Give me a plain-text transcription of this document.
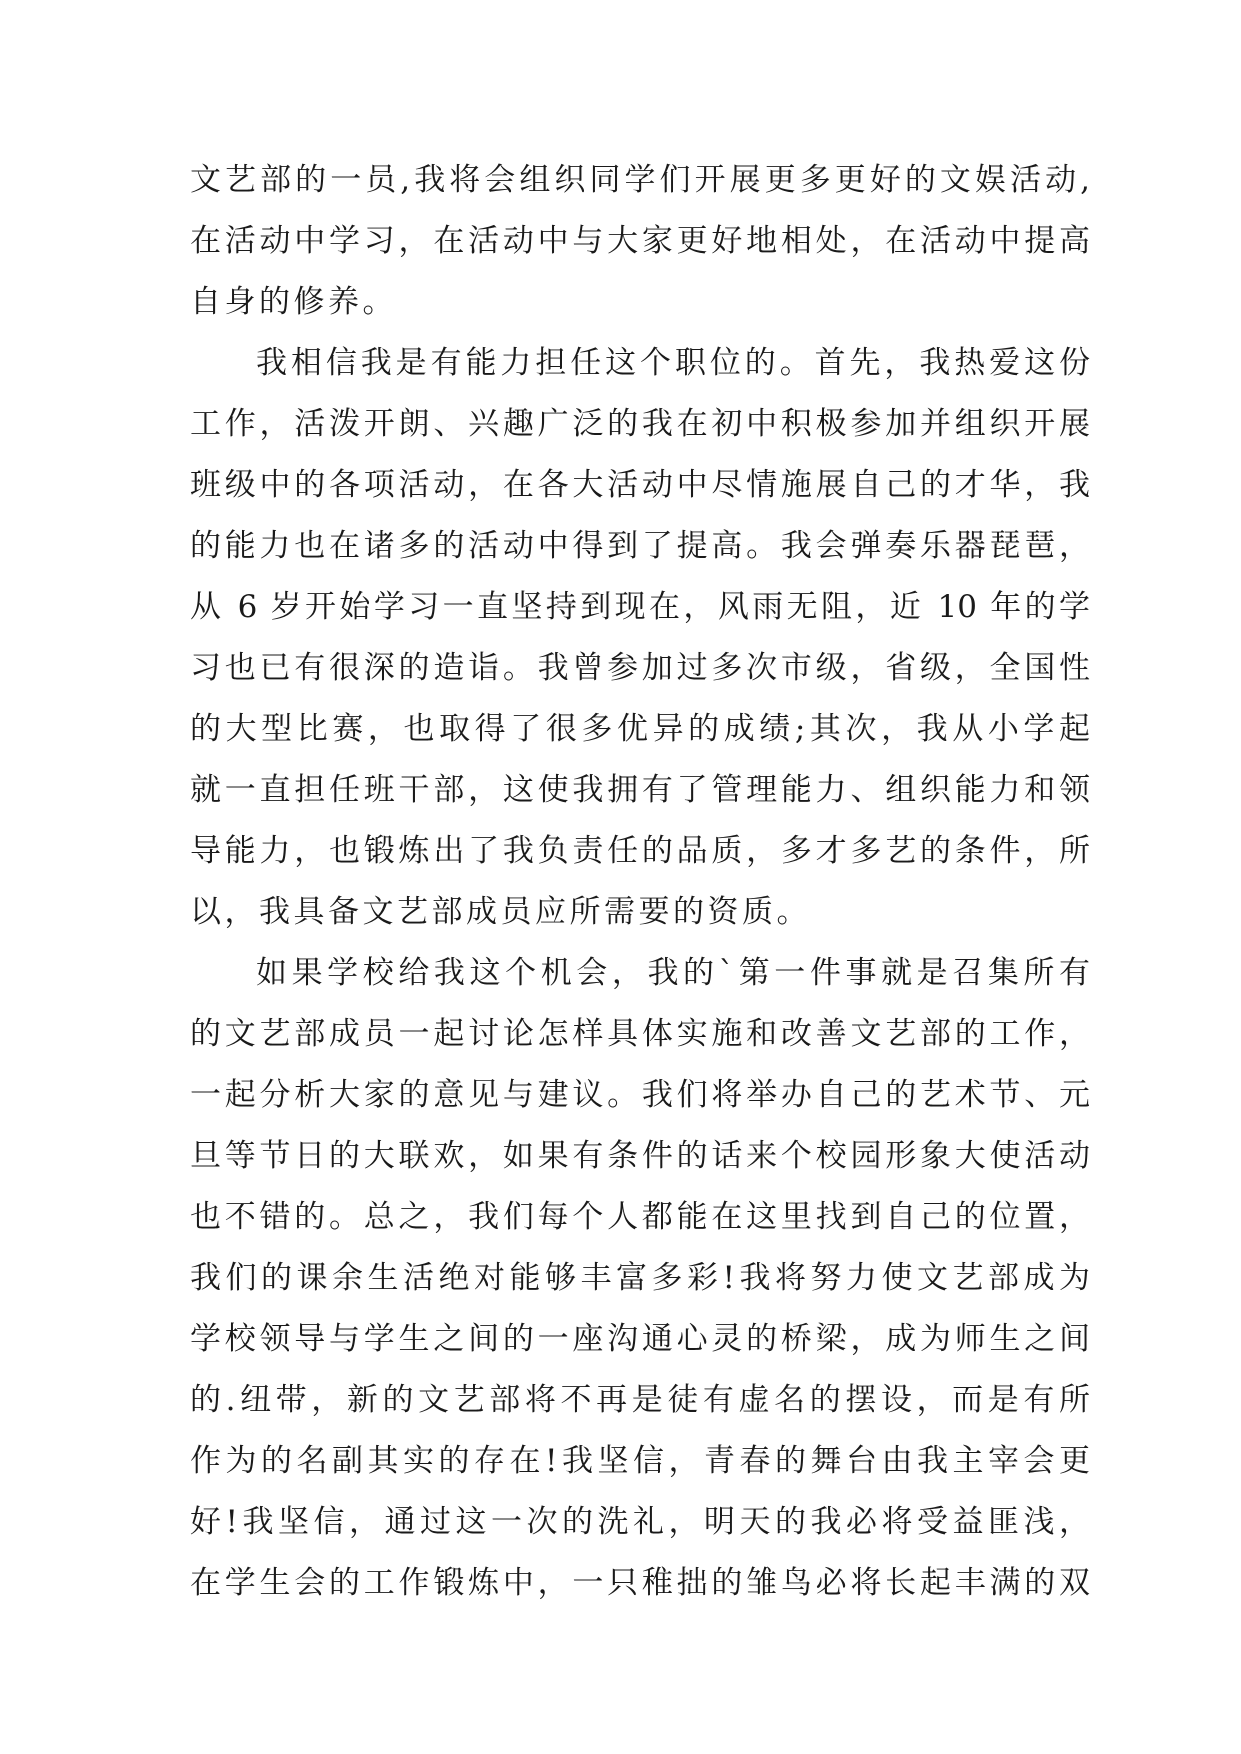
文艺部的一员,我将会组织同学们开展更多更好的文娱活动,
在活动中学习，在活动中与大家更好地相处，在活动中提高
自身的修养。
我相信我是有能力担任这个职位的。首先，我热爱这份
工作，活泼开朗、兴趣广泛的我在初中积极参加并组织开展
班级中的各项活动，在各大活动中尽情施展自己的才华，我
的能力也在诸多的活动中得到了提高。我会弹奏乐器琵琶，
从 6 岁开始学习一直坚持到现在，风雨无阻，近 10 年的学
习也已有很深的造诣。我曾参加过多次市级，省级，全国性
的大型比赛，也取得了很多优异的成绩;其次，我从小学起
就一直担任班干部，这使我拥有了管理能力、组织能力和领
导能力，也锻炼出了我负责任的品质，多才多艺的条件，所
以，我具备文艺部成员应所需要的资质。
如果学校给我这个机会，我的`第一件事就是召集所有
的文艺部成员一起讨论怎样具体实施和改善文艺部的工作，
一起分析大家的意见与建议。我们将举办自己的艺术节、元
旦等节日的大联欢，如果有条件的话来个校园形象大使活动
也不错的。总之，我们每个人都能在这里找到自己的位置，
我们的课余生活绝对能够丰富多彩!我将努力使文艺部成为
学校领导与学生之间的一座沟通心灵的桥梁，成为师生之间
的.纽带，新的文艺部将不再是徒有虚名的摆设，而是有所
作为的名副其实的存在!我坚信，青春的舞台由我主宰会更
好!我坚信，通过这一次的洗礼，明天的我必将受益匪浅，
在学生会的工作锻炼中，一只稚拙的雏鸟必将长起丰满的双
